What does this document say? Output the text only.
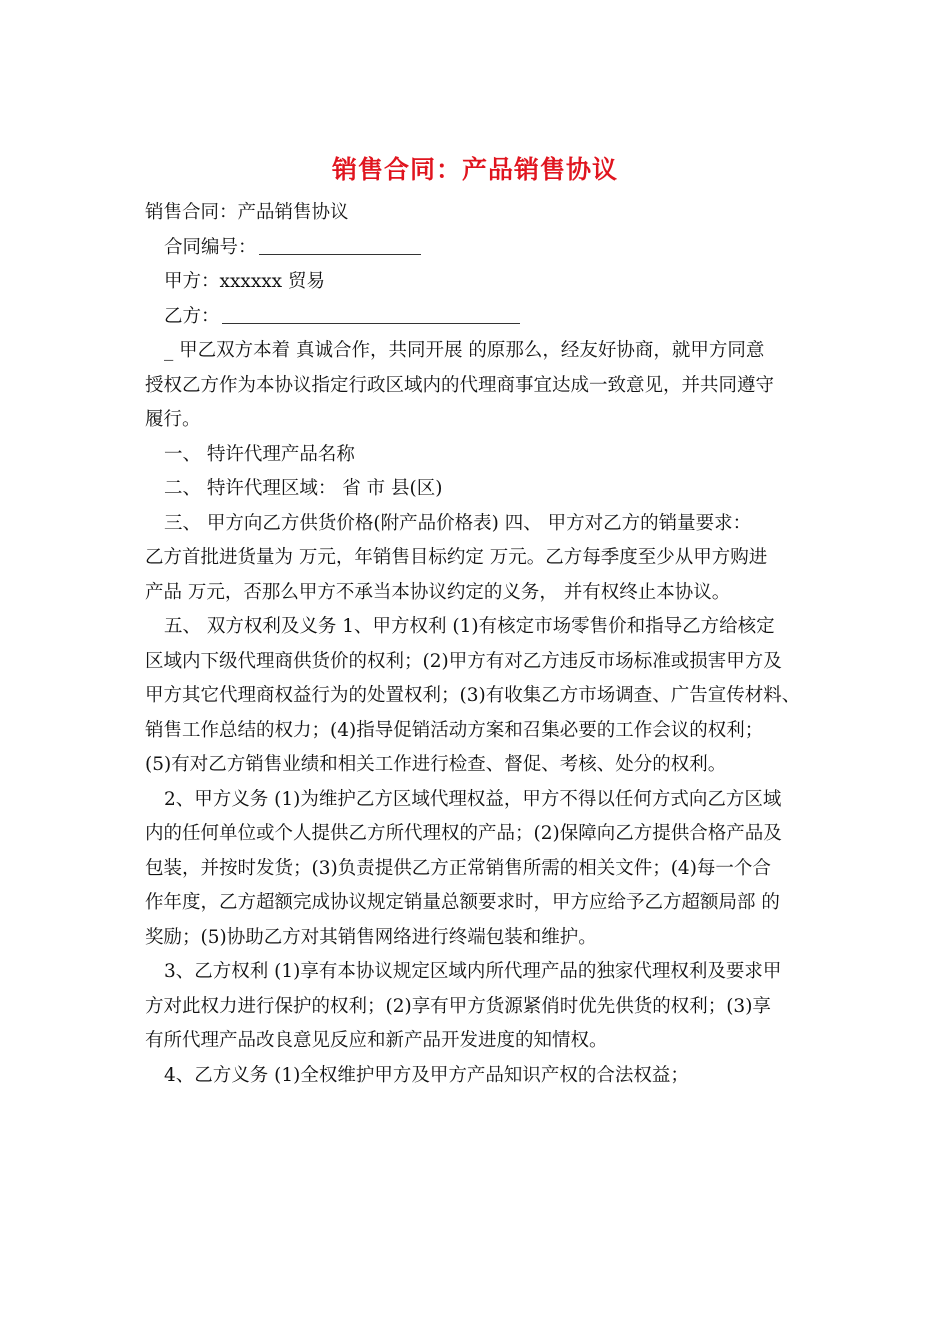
销售合同：产品销售协议
销售合同：产品销售协议
合同编号：
甲方：xxxxxx 贸易
乙方：
_ 甲乙双方本着 真诚合作，共同开展 的原那么，经友好协商，就甲方同意
授权乙方作为本协议指定行政区域内的代理商事宜达成一致意见，并共同遵守
履行。
一、 特许代理产品名称
二、 特许代理区域： 省 市 县(区)
三、 甲方向乙方供货价格(附产品价格表) 四、 甲方对乙方的销量要求：
乙方首批进货量为 万元，年销售目标约定 万元。乙方每季度至少从甲方购进
产品 万元，否那么甲方不承当本协议约定的义务， 并有权终止本协议。
五、 双方权利及义务 1、甲方权利 (1)有核定市场零售价和指导乙方给核定
区域内下级代理商供货价的权利；(2)甲方有对乙方违反市场标准或损害甲方及
甲方其它代理商权益行为的处置权利；(3)有收集乙方市场调查、广告宣传材料、
销售工作总结的权力；(4)指导促销活动方案和召集必要的工作会议的权利；
(5)有对乙方销售业绩和相关工作进行检查、督促、考核、处分的权利。
2、甲方义务 (1)为维护乙方区域代理权益，甲方不得以任何方式向乙方区域
内的任何单位或个人提供乙方所代理权的产品；(2)保障向乙方提供合格产品及
包装，并按时发货；(3)负责提供乙方正常销售所需的相关文件；(4)每一个合
作年度，乙方超额完成协议规定销量总额要求时，甲方应给予乙方超额局部 的
奖励；(5)协助乙方对其销售网络进行终端包装和维护。
3、乙方权利 (1)享有本协议规定区域内所代理产品的独家代理权利及要求甲
方对此权力进行保护的权利；(2)享有甲方货源紧俏时优先供货的权利；(3)享
有所代理产品改良意见反应和新产品开发进度的知情权。
4、乙方义务 (1)全权维护甲方及甲方产品知识产权的合法权益；
